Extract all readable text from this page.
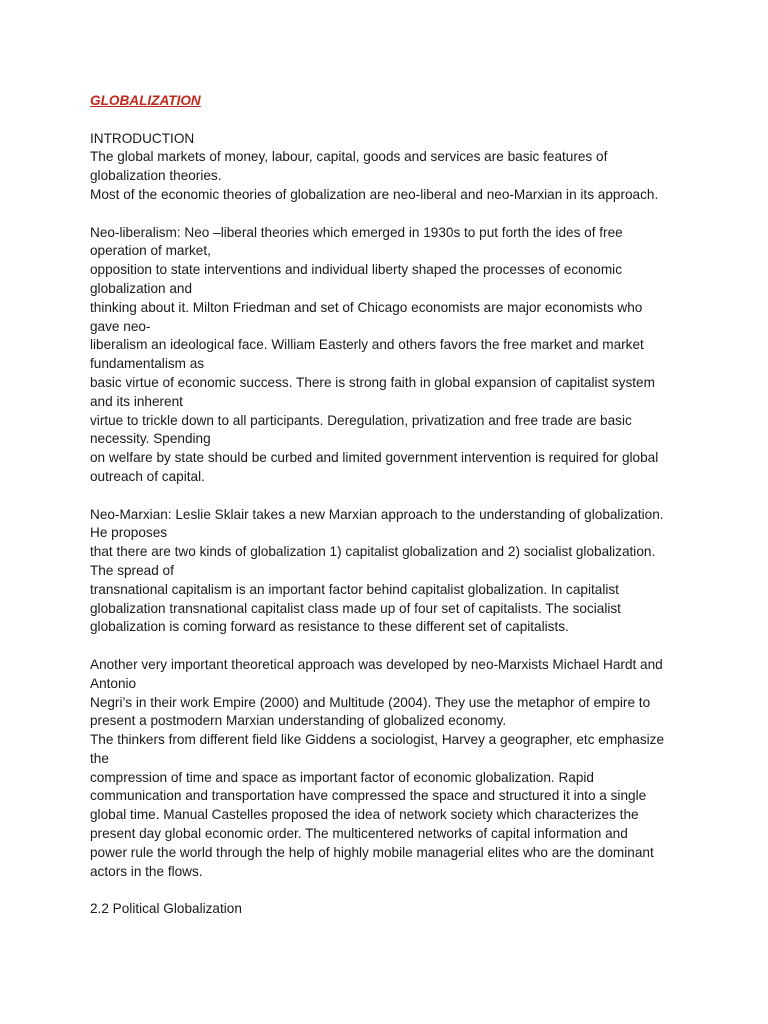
GLOBALIZATION

INTRODUCTION

The global markets of money, labour, capital, goods and services are basic features of

globalization theories.

Most of the economic theories of globalization are neo-liberal and neo-Marxian in its approach.

Neo-liberalism: Neo –liberal theories which emerged in 1930s to put forth the ides of free

operation of market,

opposition to state interventions and individual liberty shaped the processes of economic

globalization and

thinking about it. Milton Friedman and set of Chicago economists are major economists who

gave neo-

liberalism an ideological face. William Easterly and others favors the free market and market

fundamentalism as

basic virtue of economic success. There is strong faith in global expansion of capitalist system

and its inherent

virtue to trickle down to all participants. Deregulation, privatization and free trade are basic

necessity. Spending

on welfare by state should be curbed and limited government intervention is required for global

outreach of capital.

Neo-Marxian: Leslie Sklair takes a new Marxian approach to the understanding of globalization.

He proposes

that there are two kinds of globalization 1) capitalist globalization and 2) socialist globalization.

The spread of

transnational capitalism is an important factor behind capitalist globalization. In capitalist

globalization transnational capitalist class made up of four set of capitalists. The socialist

globalization is coming forward as resistance to these different set of capitalists.

Another very important theoretical approach was developed by neo-Marxists Michael Hardt and

Antonio

Negri’s in their work Empire (2000) and Multitude (2004). They use the metaphor of empire to

present a postmodern Marxian understanding of globalized economy.

The thinkers from different field like Giddens a sociologist, Harvey a geographer, etc emphasize

the

compression of time and space as important factor of economic globalization. Rapid

communication and transportation have compressed the space and structured it into a single

global time. Manual Castelles proposed the idea of network society which characterizes the

present day global economic order. The multicentered networks of capital information and

power rule the world through the help of highly mobile managerial elites who are the dominant

actors in the flows.

2.2 Political Globalization
